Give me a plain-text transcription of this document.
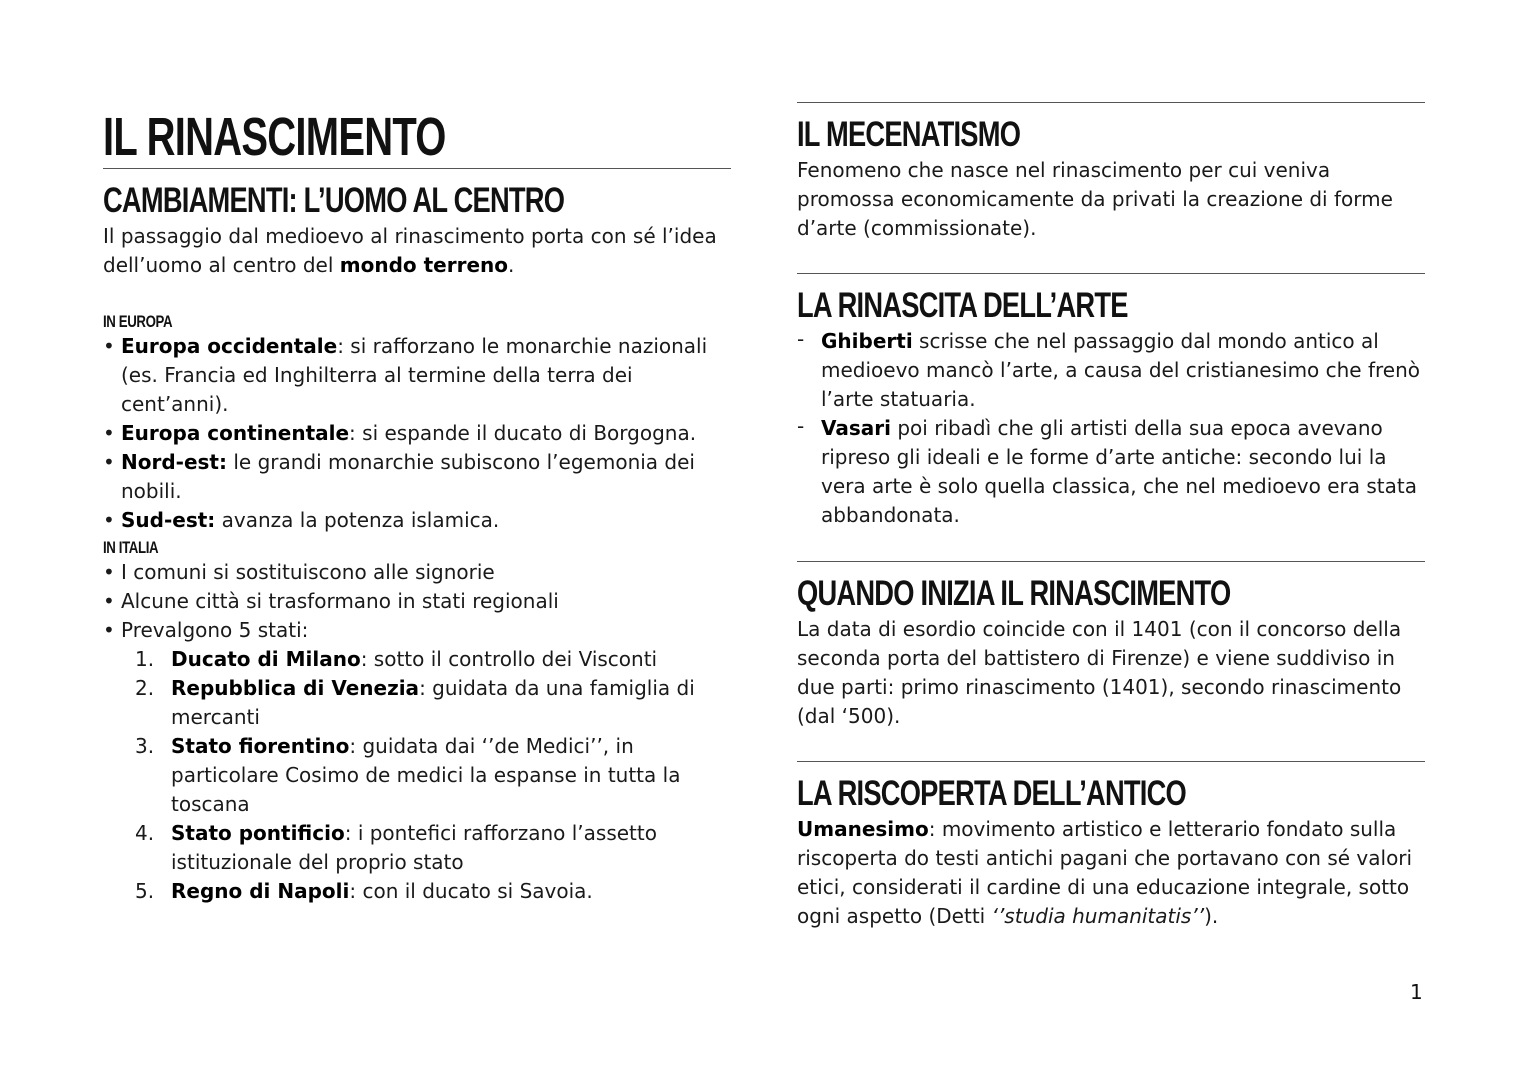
IL RINASCIMENTO
CAMBIAMENTI: L’UOMO AL CENTRO

Il passaggio dal medioevo al rinascimento porta con sé l’idea dell’uomo al centro del mondo terreno.

IN EUROPA
• Europa occidentale: si rafforzano le monarchie nazionali (es. Francia ed Inghilterra al termine della terra dei cent’anni).
• Europa continentale: si espande il ducato di Borgogna.
• Nord-est: le grandi monarchie subiscono l’egemonia dei nobili.
• Sud-est: avanza la potenza islamica.
IN ITALIA
• I comuni si sostituiscono alle signorie
• Alcune città si trasformano in stati regionali
• Prevalgono 5 stati:
1. Ducato di Milano: sotto il controllo dei Visconti
2. Repubblica di Venezia: guidata da una famiglia di mercanti
3. Stato fiorentino: guidata dai ‘’de Medici’’, in particolare Cosimo de medici la espanse in tutta la toscana
4. Stato pontificio: i pontefici rafforzano l’assetto istituzionale del proprio stato
5. Regno di Napoli: con il ducato si Savoia.
IL MECENATISMO

Fenomeno che nasce nel rinascimento per cui veniva promossa economicamente da privati la creazione di forme d’arte (commissionate).

LA RINASCITA DELL’ARTE
- Ghiberti scrisse che nel passaggio dal mondo antico al medioevo mancò l’arte, a causa del cristianesimo che frenò l’arte statuaria.
- Vasari poi ribadì che gli artisti della sua epoca avevano ripreso gli ideali e le forme d’arte antiche: secondo lui la vera arte è solo quella classica, che nel medioevo era stata abbandonata.
QUANDO INIZIA IL RINASCIMENTO

La data di esordio coincide con il 1401 (con il concorso della seconda porta del battistero di Firenze) e viene suddiviso in due parti: primo rinascimento (1401), secondo rinascimento (dal ‘500).

LA RISCOPERTA DELL’ANTICO

Umanesimo: movimento artistico e letterario fondato sulla riscoperta do testi antichi pagani che portavano con sé valori etici, considerati il cardine di una educazione integrale, sotto ogni aspetto (Detti ‘’studia humanitatis’’).

1
